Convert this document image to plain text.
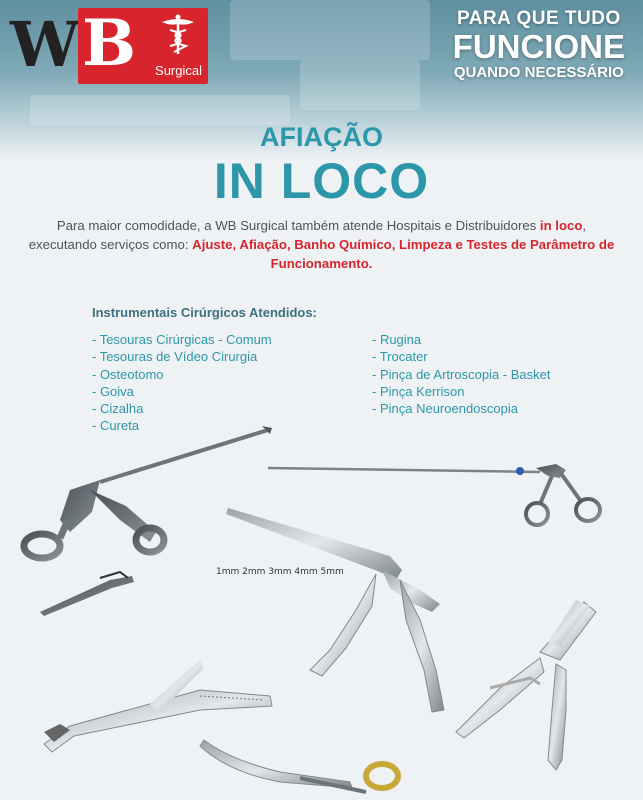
W B Surgical
PARA QUE TUDO
FUNCIONE
QUANDO NECESSÁRIO
AFIAÇÃO
IN LOCO

Para maior comodidade, a WB Surgical também atende Hospitais e Distribuidores in loco, executando serviços como: Ajuste, Afiação, Banho Químico, Limpeza e Testes de Parâmetro de Funcionamento.

Instrumentais Cirúrgicos Atendidos:
- Tesouras Cirúrgicas - Comum
- Tesouras de Vídeo Cirurgia
- Osteotomo
- Goiva
- Cizalha
- Cureta
- Rugina
- Trocater
- Pinça de Artroscopia - Basket
- Pinça Kerrison
- Pinça Neuroendoscopia
1mm 2mm 3mm 4mm 5mm
